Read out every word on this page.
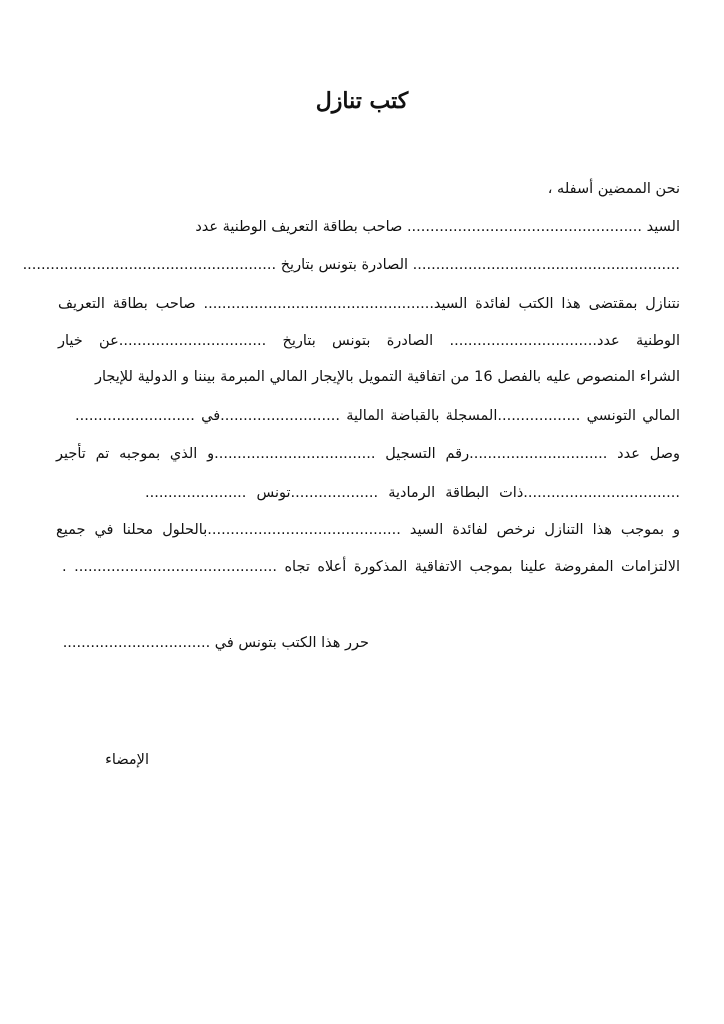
كتب تنازل
نحن الممضين أسفله ،
السيد ................................................... صاحب بطاقة التعريف الوطنية عدد
.......................................................... الصادرة بتونس بتاريخ .......................................................
نتنازل بمقتضى هذا الكتب لفائدة السيد.................................................. صاحب بطاقة التعريف
الوطنية عدد................................ الصادرة بتونس بتاريخ ................................عن خيار
الشراء المنصوص عليه بالفصل 16 من اتفاقية التمويل بالإيجار المالي المبرمة بيننا و الدولية للإيجار
المالي التونسي ..................المسجلة بالقباضة المالية ..........................في ..........................
وصل عدد ..............................رقم التسجيل ...................................و الذي بموجبه تم تأجير
..................................ذات البطاقة الرمادية ...................تونس ......................
و بموجب هذا التنازل نرخص لفائدة السيد ..........................................بالحلول محلنا في جميع
الالتزامات المفروضة علينا بموجب الاتفاقية المذكورة أعلاه تجاه ............................................ .
حرر هذا الكتب بتونس في ................................
الإمضاء
